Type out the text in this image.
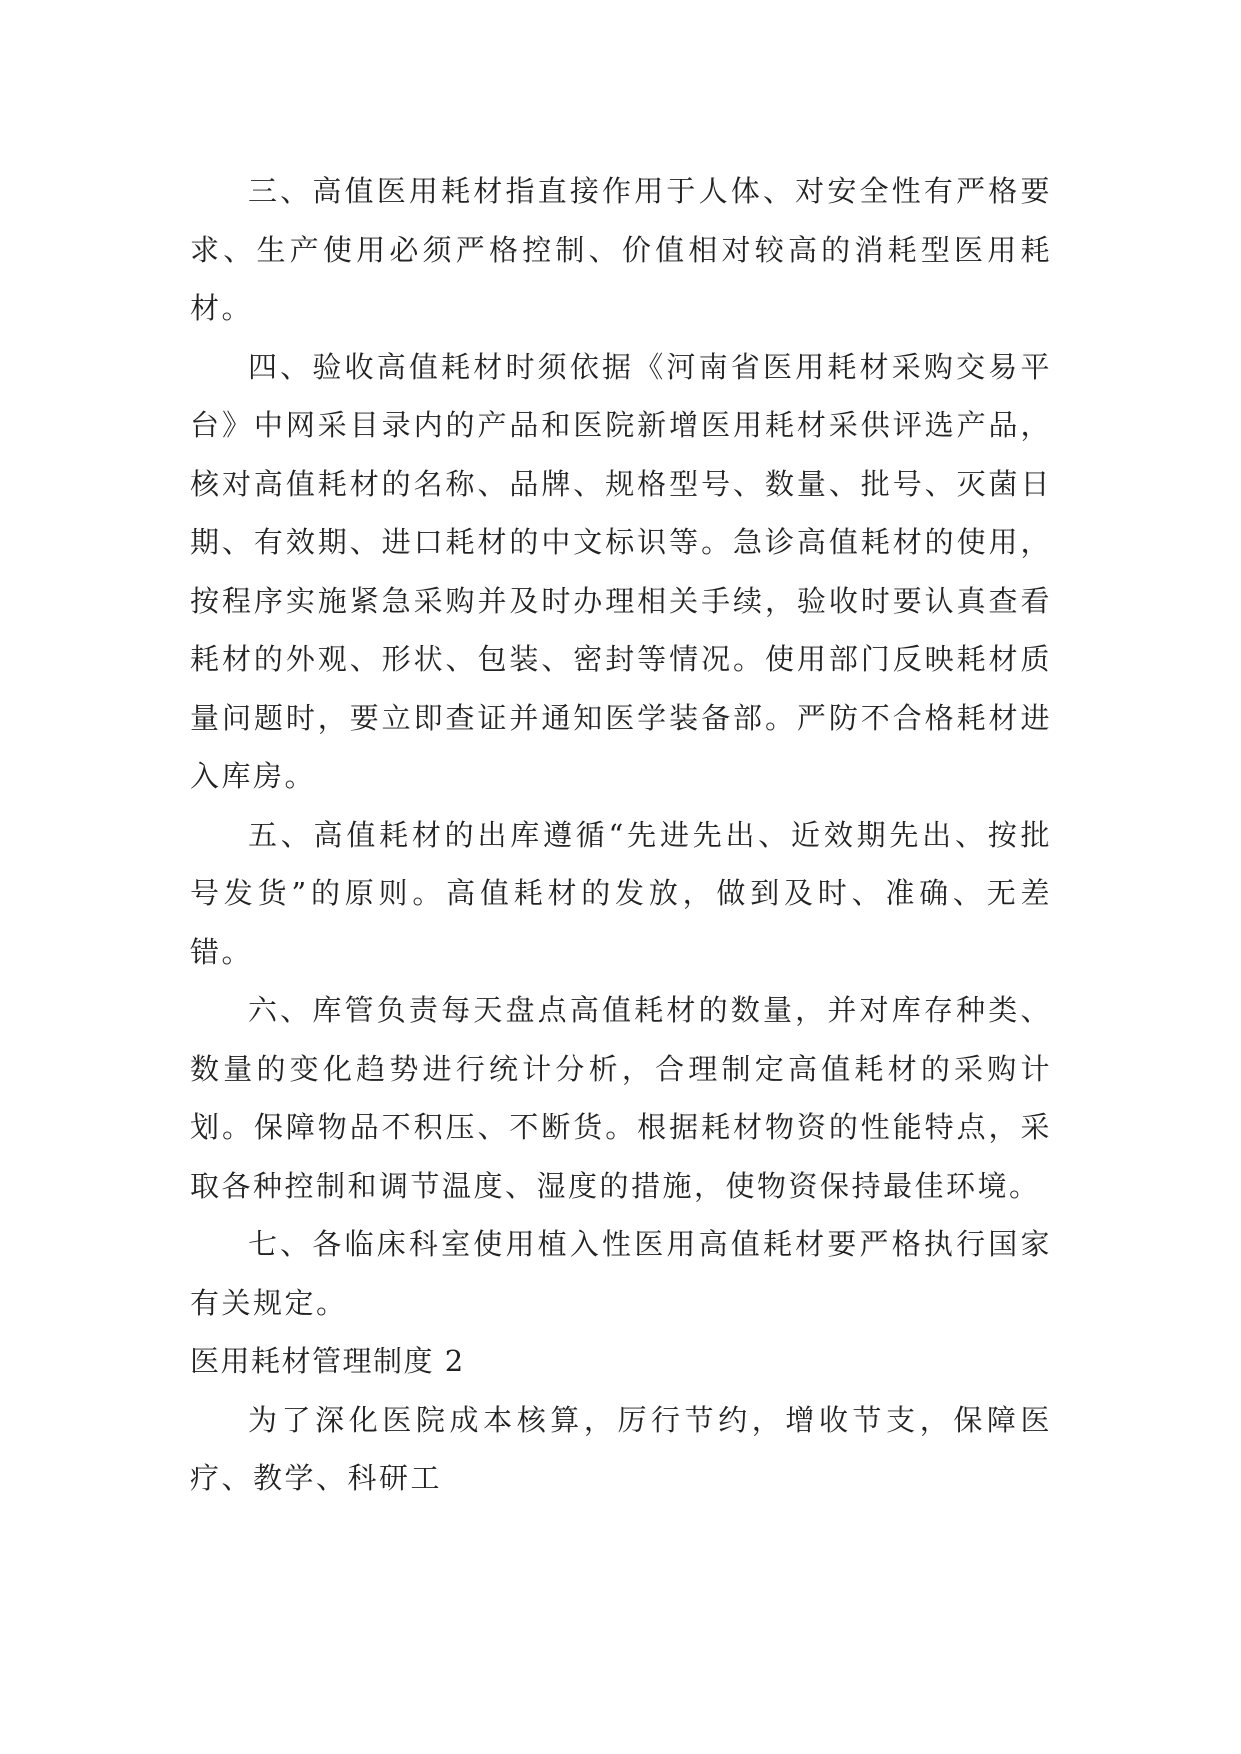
三、高值医用耗材指直接作用于人体、对安全性有严格要求、生产使用必须严格控制、价值相对较高的消耗型医用耗材。

四、验收高值耗材时须依据《河南省医用耗材采购交易平台》中网采目录内的产品和医院新增医用耗材采供评选产品，核对高值耗材的名称、品牌、规格型号、数量、批号、灭菌日期、有效期、进口耗材的中文标识等。急诊高值耗材的使用，按程序实施紧急采购并及时办理相关手续，验收时要认真查看耗材的外观、形状、包装、密封等情况。使用部门反映耗材质量问题时，要立即查证并通知医学装备部。严防不合格耗材进入库房。

五、高值耗材的出库遵循“先进先出、近效期先出、按批号发货”的原则。高值耗材的发放，做到及时、准确、无差错。

六、库管负责每天盘点高值耗材的数量，并对库存种类、数量的变化趋势进行统计分析，合理制定高值耗材的采购计划。保障物品不积压、不断货。根据耗材物资的性能特点，采取各种控制和调节温度、湿度的措施，使物资保持最佳环境。

七、各临床科室使用植入性医用高值耗材要严格执行国家有关规定。

医用耗材管理制度 2

为了深化医院成本核算，厉行节约，增收节支，保障医疗、教学、科研工
